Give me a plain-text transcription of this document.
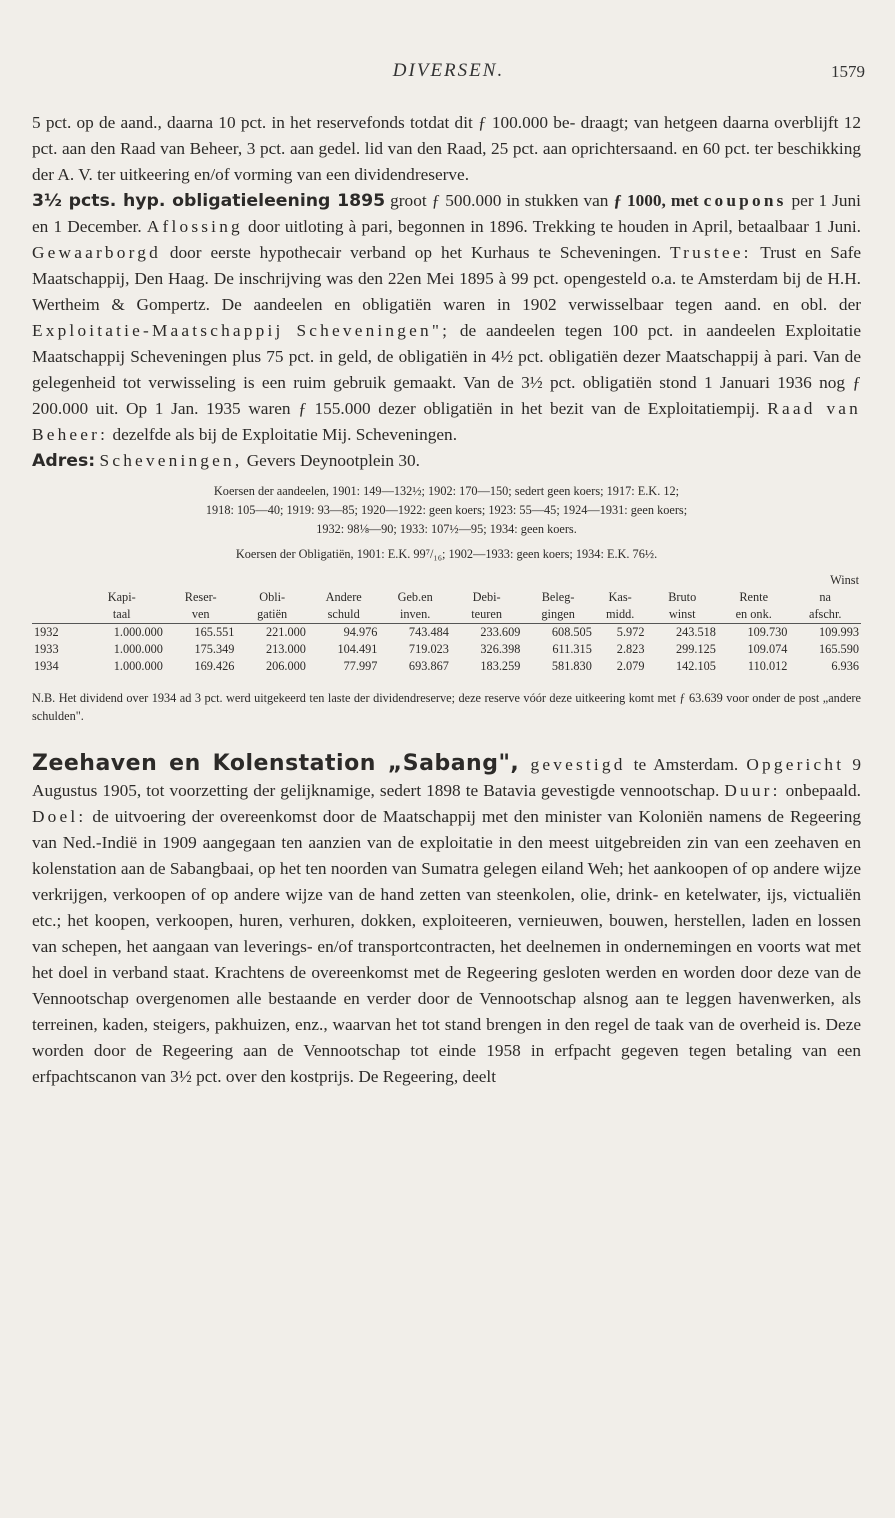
DIVERSEN.	1579

5 pct. op de aand., daarna 10 pct. in het reservefonds totdat dit ƒ 100.000 be- draagt; van hetgeen daarna overblijft 12 pct. aan den Raad van Beheer, 3 pct. aan gedel. lid van den Raad, 25 pct. aan oprichtersaand. en 60 pct. ter beschikking der A. V. ter uitkeering en/of vorming van een dividendreserve.

3½ pcts. hyp. obligatieleening 1895 groot ƒ 500.000 in stukken van ƒ 1000, met coupons per 1 Juni en 1 December. Aflossing door uitloting à pari, begonnen in 1896. Trekking te houden in April, betaalbaar 1 Juni. Gewaarborgd door eerste hypothecair verband op het Kurhaus te Scheveningen. Trustee: Trust en Safe Maatschappij, Den Haag. De inschrijving was den 22en Mei 1895 à 99 pct. opengesteld o.a. te Amsterdam bij de H.H. Wertheim & Gompertz. De aandeelen en obligatiën waren in 1902 verwisselbaar tegen aand. en obl. der Exploitatie-Maatschappij Scheveningen"; de aandeelen tegen 100 pct. in aandeelen Exploitatie Maatschappij Scheveningen plus 75 pct. in geld, de obligatiën in 4½ pct. obligatiën dezer Maatschappij à pari. Van de gelegenheid tot verwisseling is een ruim gebruik gemaakt. Van de 3½ pct. obligatiën stond 1 Januari 1936 nog ƒ 200.000 uit. Op 1 Jan. 1935 waren ƒ 155.000 dezer obligatiën in het bezit van de Exploitatiempij. Raad van Beheer: dezelfde als bij de Exploitatie Mij. Scheveningen.

Adres: Scheveningen, Gevers Deynootplein 30.

Koersen der aandeelen, 1901: 149—132½; 1902: 170—150; sedert geen koers; 1917: E.K. 12;
1918: 105—40; 1919: 93—85; 1920—1922: geen koers; 1923: 55—45; 1924—1931: geen koers;
1932: 98⅛—90; 1933: 107½—95; 1934: geen koers.
Koersen der Obligatiën, 1901: E.K. 99⁷/₁₆; 1902—1933: geen koers; 1934: E.K. 76½.
											Winst
	Kapi-	Reser-	Obli-	Andere	Geb.en	Debi-	Beleg-	Kas-	Bruto	Rente	na
	taal	ven	gatiën	schuld	inven.	teuren	gingen	midd.	winst	en onk.	afschr.
1932	1.000.000	165.551	221.000	94.976	743.484	233.609	608.505	5.972	243.518	109.730	109.993
1933	1.000.000	175.349	213.000	104.491	719.023	326.398	611.315	2.823	299.125	109.074	165.590
1934	1.000.000	169.426	206.000	77.997	693.867	183.259	581.830	2.079	142.105	110.012	6.936
N.B. Het dividend over 1934 ad 3 pct. werd uitgekeerd ten laste der dividendreserve; deze reserve vóór deze uitkeering komt met ƒ 63.639 voor onder de post „andere schulden".

Zeehaven en Kolenstation „Sabang", gevestigd te Amsterdam. Opgericht 9 Augustus 1905, tot voorzetting der gelijknamige, sedert 1898 te Batavia gevestigde vennootschap. Duur: onbepaald. Doel: de uitvoering der overeenkomst door de Maatschappij met den minister van Koloniën namens de Regeering van Ned.-Indië in 1909 aangegaan ten aanzien van de exploitatie in den meest uitgebreiden zin van een zeehaven en kolenstation aan de Sabangbaai, op het ten noorden van Sumatra gelegen eiland Weh; het aankoopen of op andere wijze verkrijgen, verkoopen of op andere wijze van de hand zetten van steenkolen, olie, drink- en ketelwater, ijs, victualiën etc.; het koopen, verkoopen, huren, verhuren, dokken, exploiteeren, vernieuwen, bouwen, herstellen, laden en lossen van schepen, het aangaan van leverings- en/of transportcontracten, het deelnemen in ondernemingen en voorts wat met het doel in verband staat. Krachtens de overeenkomst met de Regeering gesloten werden en worden door deze van de Vennootschap overgenomen alle bestaande en verder door de Vennootschap alsnog aan te leggen havenwerken, als terreinen, kaden, steigers, pakhuizen, enz., waarvan het tot stand brengen in den regel de taak van de overheid is. Deze worden door de Regeering aan de Vennootschap tot einde 1958 in erfpacht gegeven tegen betaling van een erfpachtscanon van 3½ pct. over den kostprijs. De Regeering, deelt
